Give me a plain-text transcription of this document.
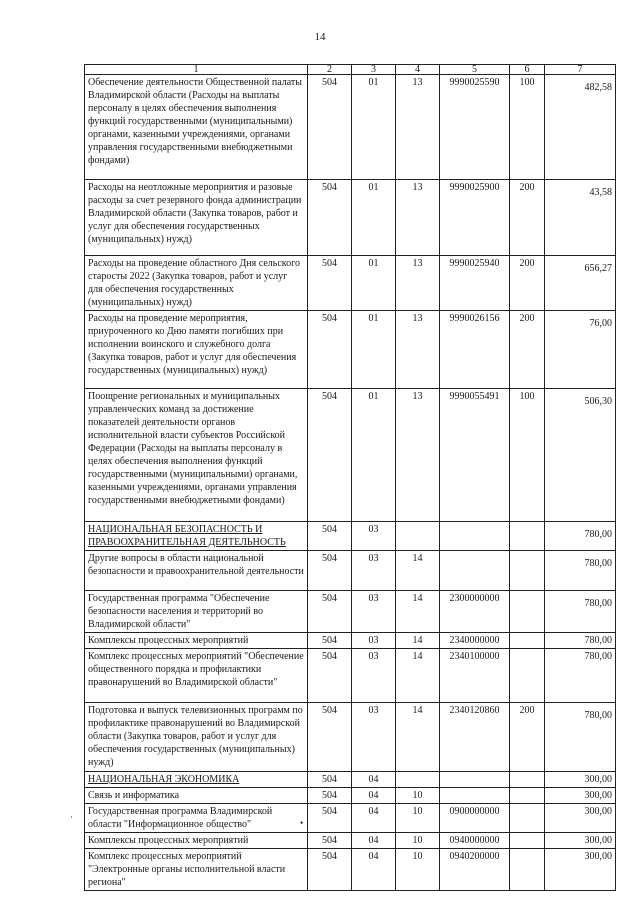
14
1	2	3	4	5	6	7
Обеспечение деятельности Общественной палаты Владимирской области (Расходы на выплаты персоналу в целях обеспечения выполнения функций государственными (муниципальными) органами, казенными учреждениями, органами управления государственными внебюджетными фондами)	504	01	13	9990025590	100	482,58
Расходы на неотложные мероприятия и разовые расходы за счет резервного фонда администрации Владимирской области (Закупка товаров, работ и услуг для обеспечения государственных (муниципальных) нужд)	504	01	13	9990025900	200	43,58
Расходы на проведение областного Дня сельского старосты 2022 (Закупка товаров, работ и услуг для обеспечения государственных (муниципальных) нужд)	504	01	13	9990025940	200	656,27
Расходы на проведение мероприятия, приуроченного ко Дню памяти погибших при исполнении воинского и служебного долга (Закупка товаров, работ и услуг для обеспечения государственных (муниципальных) нужд)	504	01	13	9990026156	200	76,00
Поощрение региональных и муниципальных управленческих команд за достижение показателей деятельности органов исполнительной власти субъектов Российской Федерации (Расходы на выплаты персоналу в целях обеспечения выполнения функций государственными (муниципальными) органами, казенными учреждениями, органами управления государственными внебюджетными фондами)	504	01	13	9990055491	100	506,30
НАЦИОНАЛЬНАЯ БЕЗОПАСНОСТЬ И ПРАВООХРАНИТЕЛЬНАЯ ДЕЯТЕЛЬНОСТЬ	504	03				780,00
Другие вопросы в области национальной безопасности и правоохранительной деятельности	504	03	14			780,00
Государственная программа "Обеспечение безопасности населения и территорий во Владимирской области"	504	03	14	2300000000		780,00
Комплексы процессных мероприятий	504	03	14	2340000000		780,00
Комплекс процессных мероприятий "Обеспечение общественного порядка и профилактики правонарушений во Владимирской области"	504	03	14	2340100000		780,00
Подготовка и выпуск телевизионных программ по профилактике правонарушений во Владимирской области (Закупка товаров, работ и услуг для обеспечения государственных (муниципальных) нужд)	504	03	14	2340120860	200	780,00
НАЦИОНАЛЬНАЯ ЭКОНОМИКА	504	04				300,00
Связь и информатика	504	04	10			300,00
Государственная программа Владимирской области "Информационное общество"	504	04	10	0900000000		300,00
Комплексы процессных мероприятий	504	04	10	0940000000		300,00
Комплекс процессных мероприятий "Электронные органы исполнительной власти региона"	504	04	10	0940200000		300,00
·
•
